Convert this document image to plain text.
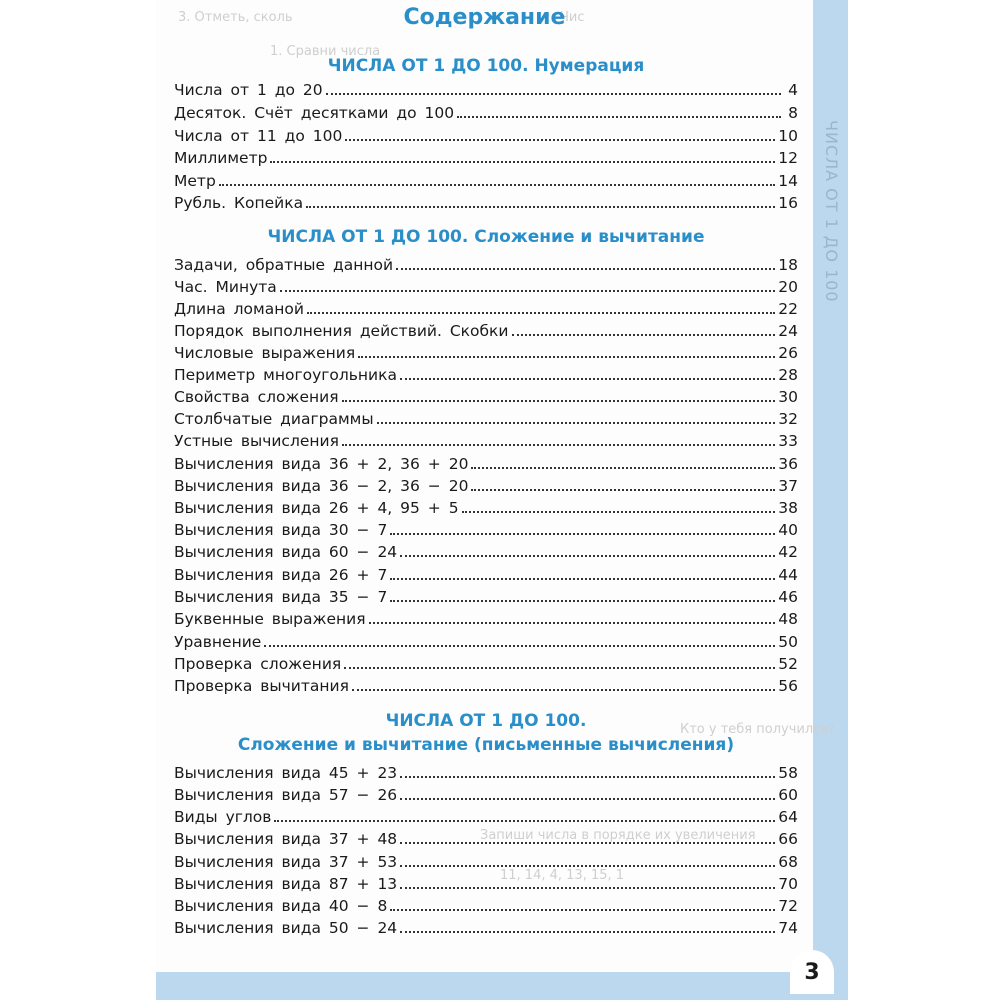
3. Отметь, сколь	Чис
1. Сравни числа
Кто у тебя получился?
Запиши числа в порядке их увеличения
11, 14, 4, 13, 15, 1
ЧИСЛА ОТ 1 ДО 100
Содержание
ЧИСЛА ОТ 1 ДО 100. Нумерация
Числа от 1 до 20	4
Десяток. Счёт десятками до 100	8
Числа от 11 до 100	10
Миллиметр	12
Метр	14
Рубль. Копейка	16
ЧИСЛА ОТ 1 ДО 100. Сложение и вычитание
Задачи, обратные данной	18
Час. Минута	20
Длина ломаной	22
Порядок выполнения действий. Скобки	24
Числовые выражения	26
Периметр многоугольника	28
Свойства сложения	30
Столбчатые диаграммы	32
Устные вычисления	33
Вычисления вида 36 + 2, 36 + 20	36
Вычисления вида 36 − 2, 36 − 20	37
Вычисления вида 26 + 4, 95 + 5	38
Вычисления вида 30 − 7	40
Вычисления вида 60 − 24	42
Вычисления вида 26 + 7	44
Вычисления вида 35 − 7	46
Буквенные выражения	48
Уравнение	50
Проверка сложения	52
Проверка вычитания	56
ЧИСЛА ОТ 1 ДО 100.
Сложение и вычитание (письменные вычисления)
Вычисления вида 45 + 23	58
Вычисления вида 57 − 26	60
Виды углов	64
Вычисления вида 37 + 48	66
Вычисления вида 37 + 53	68
Вычисления вида 87 + 13	70
Вычисления вида 40 − 8	72
Вычисления вида 50 − 24	74
3
